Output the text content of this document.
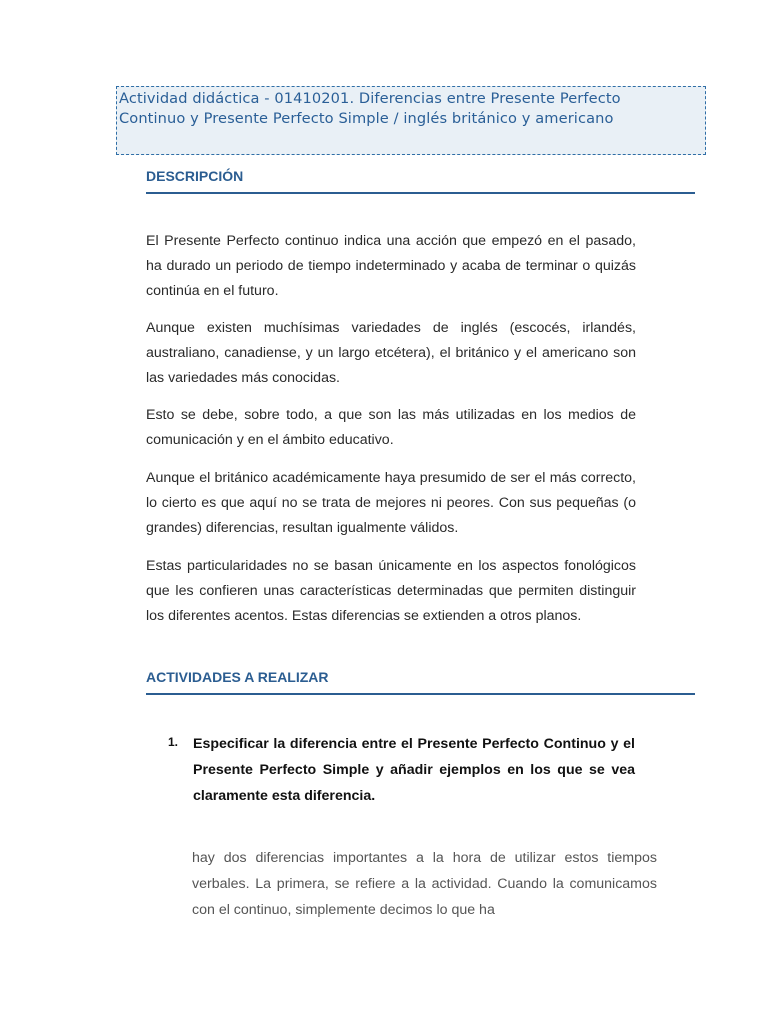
Actividad didáctica - 01410201. Diferencias entre Presente Perfecto
Continuo y Presente Perfecto Simple / inglés británico y americano
DESCRIPCIÓN

El Presente Perfecto continuo indica una acción que empezó en el pasado, ha durado un periodo de tiempo indeterminado y acaba de terminar o quizás continúa en el futuro.

Aunque existen muchísimas variedades de inglés (escocés, irlandés, australiano, canadiense, y un largo etcétera), el británico y el americano son las variedades más conocidas.

Esto se debe, sobre todo, a que son las más utilizadas en los medios de comunicación y en el ámbito educativo.

Aunque el británico académicamente haya presumido de ser el más correcto, lo cierto es que aquí no se trata de mejores ni peores. Con sus pequeñas (o grandes) diferencias, resultan igualmente válidos.

Estas particularidades no se basan únicamente en los aspectos fonológicos que les confieren unas características determinadas que permiten distinguir los diferentes acentos. Estas diferencias se extienden a otros planos.

ACTIVIDADES A REALIZAR
1. Especificar la diferencia entre el Presente Perfecto Continuo y el Presente Perfecto Simple y añadir ejemplos en los que se vea claramente esta diferencia.

hay dos diferencias importantes a la hora de utilizar estos tiempos verbales. La primera, se refiere a la actividad. Cuando la comunicamos con el continuo, simplemente decimos lo que ha
